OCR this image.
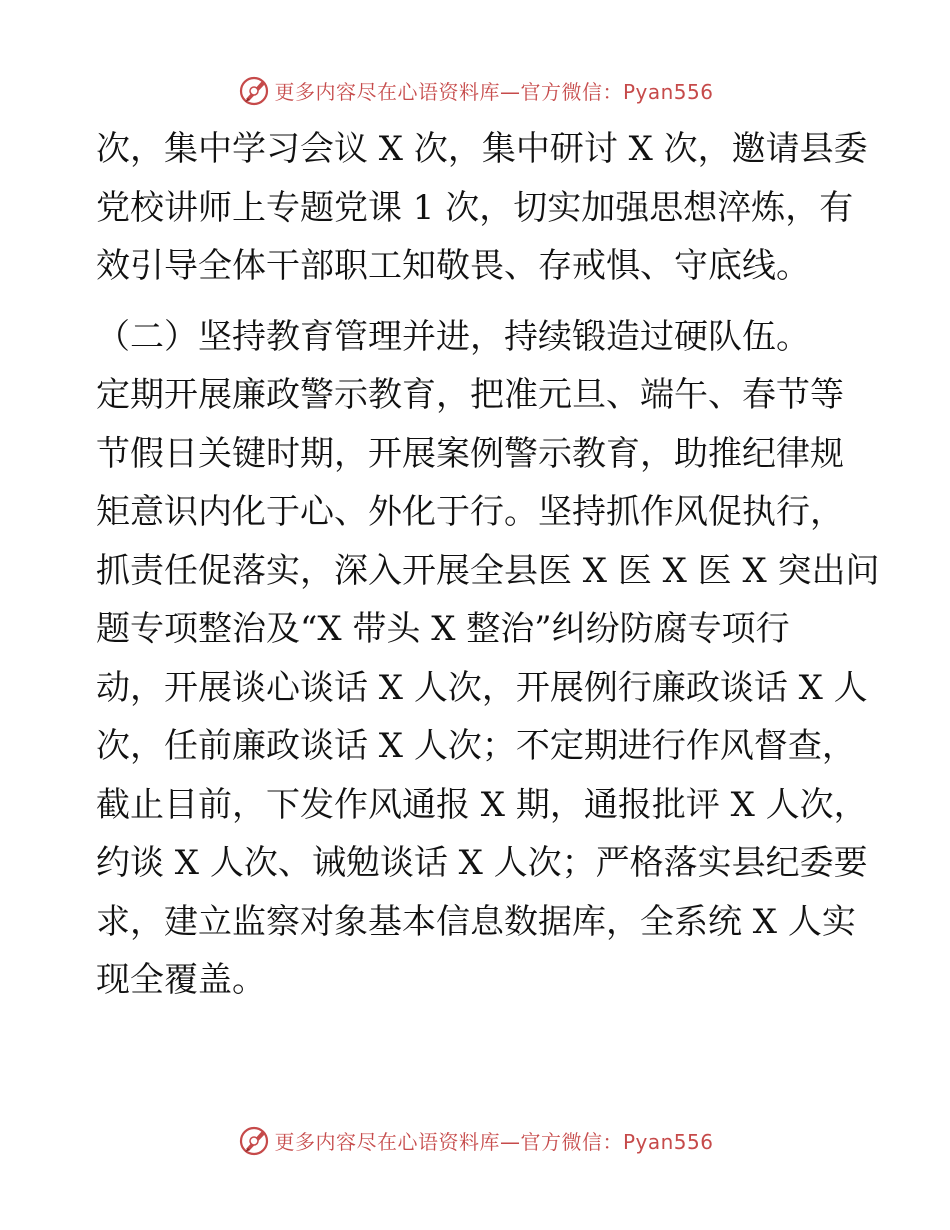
更多内容尽在心语资料库—官方微信：Pyan556
次，集中学习会议 X 次，集中研讨 X 次，邀请县委
党校讲师上专题党课 1 次，切实加强思想淬炼，有
效引导全体干部职工知敬畏、存戒惧、守底线。
（二）坚持教育管理并进，持续锻造过硬队伍。
定期开展廉政警示教育，把准元旦、端午、春节等
节假日关键时期，开展案例警示教育，助推纪律规
矩意识内化于心、外化于行。坚持抓作风促执行，
抓责任促落实，深入开展全县医 X 医 X 医 X 突出问
题专项整治及“X 带头 X 整治”纠纷防腐专项行
动，开展谈心谈话 X 人次，开展例行廉政谈话 X 人
次，任前廉政谈话 X 人次；不定期进行作风督查，
截止目前，下发作风通报 X 期，通报批评 X 人次，
约谈 X 人次、诫勉谈话 X 人次；严格落实县纪委要
求，建立监察对象基本信息数据库，全系统 X 人实
现全覆盖。
更多内容尽在心语资料库—官方微信：Pyan556
